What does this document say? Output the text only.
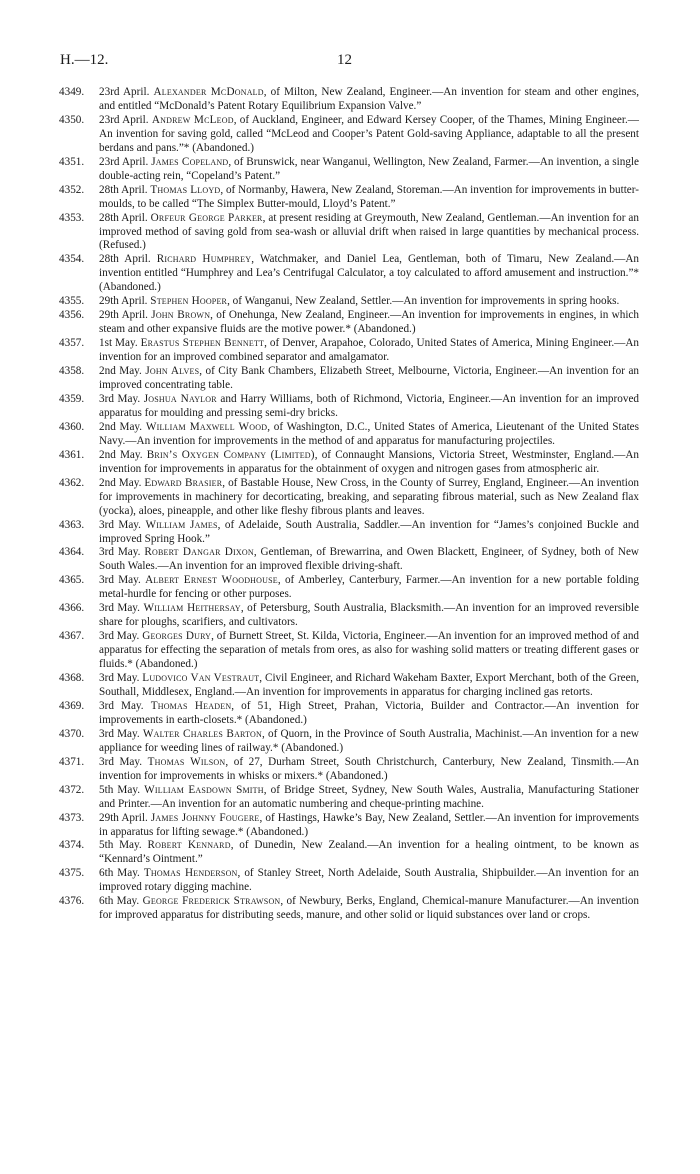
H.—12.	12
4349. 23rd April. Alexander McDonald, of Milton, New Zealand, Engineer.—An invention for steam and other engines, and entitled “McDonald’s Patent Rotary Equilibrium Expansion Valve.”
4350. 23rd April. Andrew McLeod, of Auckland, Engineer, and Edward Kersey Cooper, of the Thames, Mining Engineer.—An invention for saving gold, called “McLeod and Cooper’s Patent Gold-saving Appliance, adaptable to all the present berdans and pans.”* (Abandoned.)
4351. 23rd April. James Copeland, of Brunswick, near Wanganui, Wellington, New Zealand, Farmer.—An invention, a single double-acting rein, “Copeland’s Patent.”
4352. 28th April. Thomas Lloyd, of Normanby, Hawera, New Zealand, Storeman.—An invention for improvements in butter-moulds, to be called “The Simplex Butter-mould, Lloyd’s Patent.”
4353. 28th April. Orfeur George Parker, at present residing at Greymouth, New Zealand, Gentleman.—An invention for an improved method of saving gold from sea-wash or alluvial drift when raised in large quantities by mechanical process. (Refused.)
4354. 28th April. Richard Humphrey, Watchmaker, and Daniel Lea, Gentleman, both of Timaru, New Zealand.—An invention entitled “Humphrey and Lea’s Centrifugal Calculator, a toy calculated to afford amusement and instruction.”* (Abandoned.)
4355. 29th April. Stephen Hooper, of Wanganui, New Zealand, Settler.—An invention for improvements in spring hooks.
4356. 29th April. John Brown, of Onehunga, New Zealand, Engineer.—An invention for improvements in engines, in which steam and other expansive fluids are the motive power.* (Abandoned.)
4357. 1st May. Erastus Stephen Bennett, of Denver, Arapahoe, Colorado, United States of America, Mining Engineer.—An invention for an improved combined separator and amalgamator.
4358. 2nd May. John Alves, of City Bank Chambers, Elizabeth Street, Melbourne, Victoria, Engineer.—An invention for an improved concentrating table.
4359. 3rd May. Joshua Naylor and Harry Williams, both of Richmond, Victoria, Engineer.—An invention for an improved apparatus for moulding and pressing semi-dry bricks.
4360. 2nd May. William Maxwell Wood, of Washington, D.C., United States of America, Lieutenant of the United States Navy.—An invention for improvements in the method of and apparatus for manufacturing projectiles.
4361. 2nd May. Brin’s Oxygen Company (Limited), of Connaught Mansions, Victoria Street, Westminster, England.—An invention for improvements in apparatus for the obtainment of oxygen and nitrogen gases from atmospheric air.
4362. 2nd May. Edward Brasier, of Bastable House, New Cross, in the County of Surrey, England, Engineer.—An invention for improvements in machinery for decorticating, breaking, and separating fibrous material, such as New Zealand flax (yocka), aloes, pineapple, and other like fleshy fibrous plants and leaves.
4363. 3rd May. William James, of Adelaide, South Australia, Saddler.—An invention for “James’s conjoined Buckle and improved Spring Hook.”
4364. 3rd May. Robert Dangar Dixon, Gentleman, of Brewarrina, and Owen Blackett, Engineer, of Sydney, both of New South Wales.—An invention for an improved flexible driving-shaft.
4365. 3rd May. Albert Ernest Woodhouse, of Amberley, Canterbury, Farmer.—An invention for a new portable folding metal-hurdle for fencing or other purposes.
4366. 3rd May. William Heithersay, of Petersburg, South Australia, Blacksmith.—An invention for an improved reversible share for ploughs, scarifiers, and cultivators.
4367. 3rd May. Georges Dury, of Burnett Street, St. Kilda, Victoria, Engineer.—An invention for an improved method of and apparatus for effecting the separation of metals from ores, as also for washing solid matters or treating different gases or fluids.* (Abandoned.)
4368. 3rd May. Ludovico Van Vestraut, Civil Engineer, and Richard Wakeham Baxter, Export Merchant, both of the Green, Southall, Middlesex, England.—An invention for improvements in apparatus for charging inclined gas retorts.
4369. 3rd May. Thomas Headen, of 51, High Street, Prahan, Victoria, Builder and Contractor.—An invention for improvements in earth-closets.* (Abandoned.)
4370. 3rd May. Walter Charles Barton, of Quorn, in the Province of South Australia, Machinist.—An invention for a new appliance for weeding lines of railway.* (Abandoned.)
4371. 3rd May. Thomas Wilson, of 27, Durham Street, South Christchurch, Canterbury, New Zealand, Tinsmith.—An invention for improvements in whisks or mixers.* (Abandoned.)
4372. 5th May. William Easdown Smith, of Bridge Street, Sydney, New South Wales, Australia, Manufacturing Stationer and Printer.—An invention for an automatic numbering and cheque-printing machine.
4373. 29th April. James Johnny Fougere, of Hastings, Hawke’s Bay, New Zealand, Settler.—An invention for improvements in apparatus for lifting sewage.* (Abandoned.)
4374. 5th May. Robert Kennard, of Dunedin, New Zealand.—An invention for a healing ointment, to be known as “Kennard’s Ointment.”
4375. 6th May. Thomas Henderson, of Stanley Street, North Adelaide, South Australia, Shipbuilder.—An invention for an improved rotary digging machine.
4376. 6th May. George Frederick Strawson, of Newbury, Berks, England, Chemical-manure Manufacturer.—An invention for improved apparatus for distributing seeds, manure, and other solid or liquid substances over land or crops.
